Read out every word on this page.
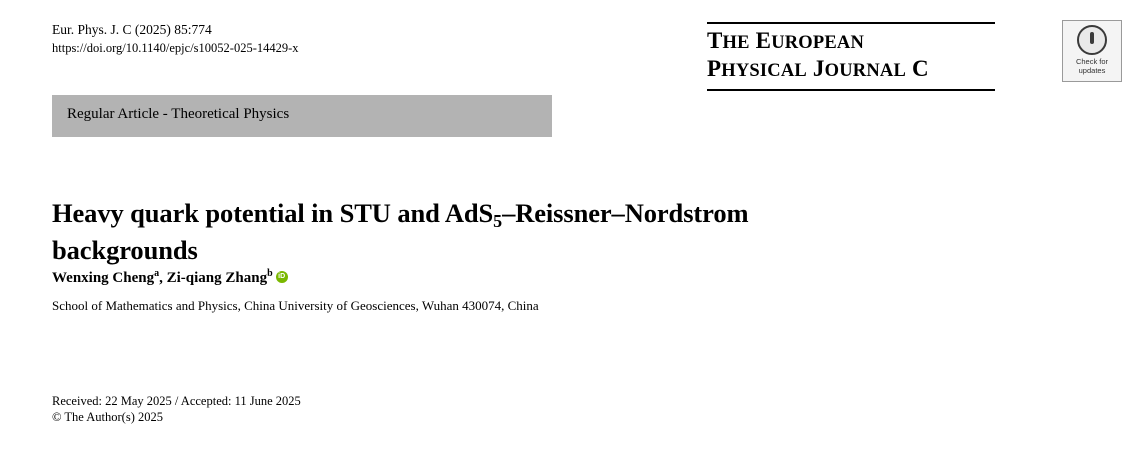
Eur. Phys. J. C (2025) 85:774
https://doi.org/10.1140/epjc/s10052-025-14429-x	THE EUROPEAN
PHYSICAL JOURNAL C	Check for
updates
Regular Article - Theoretical Physics
Heavy quark potential in STU and AdS$_5$–Reissner–Nordstrom
backgrounds
Wenxing Cheng$^a$, Zi-qiang Zhang$^b$iD
School of Mathematics and Physics, China University of Geosciences, Wuhan 430074, China
Received: 22 May 2025 / Accepted: 11 June 2025
© The Author(s) 2025
